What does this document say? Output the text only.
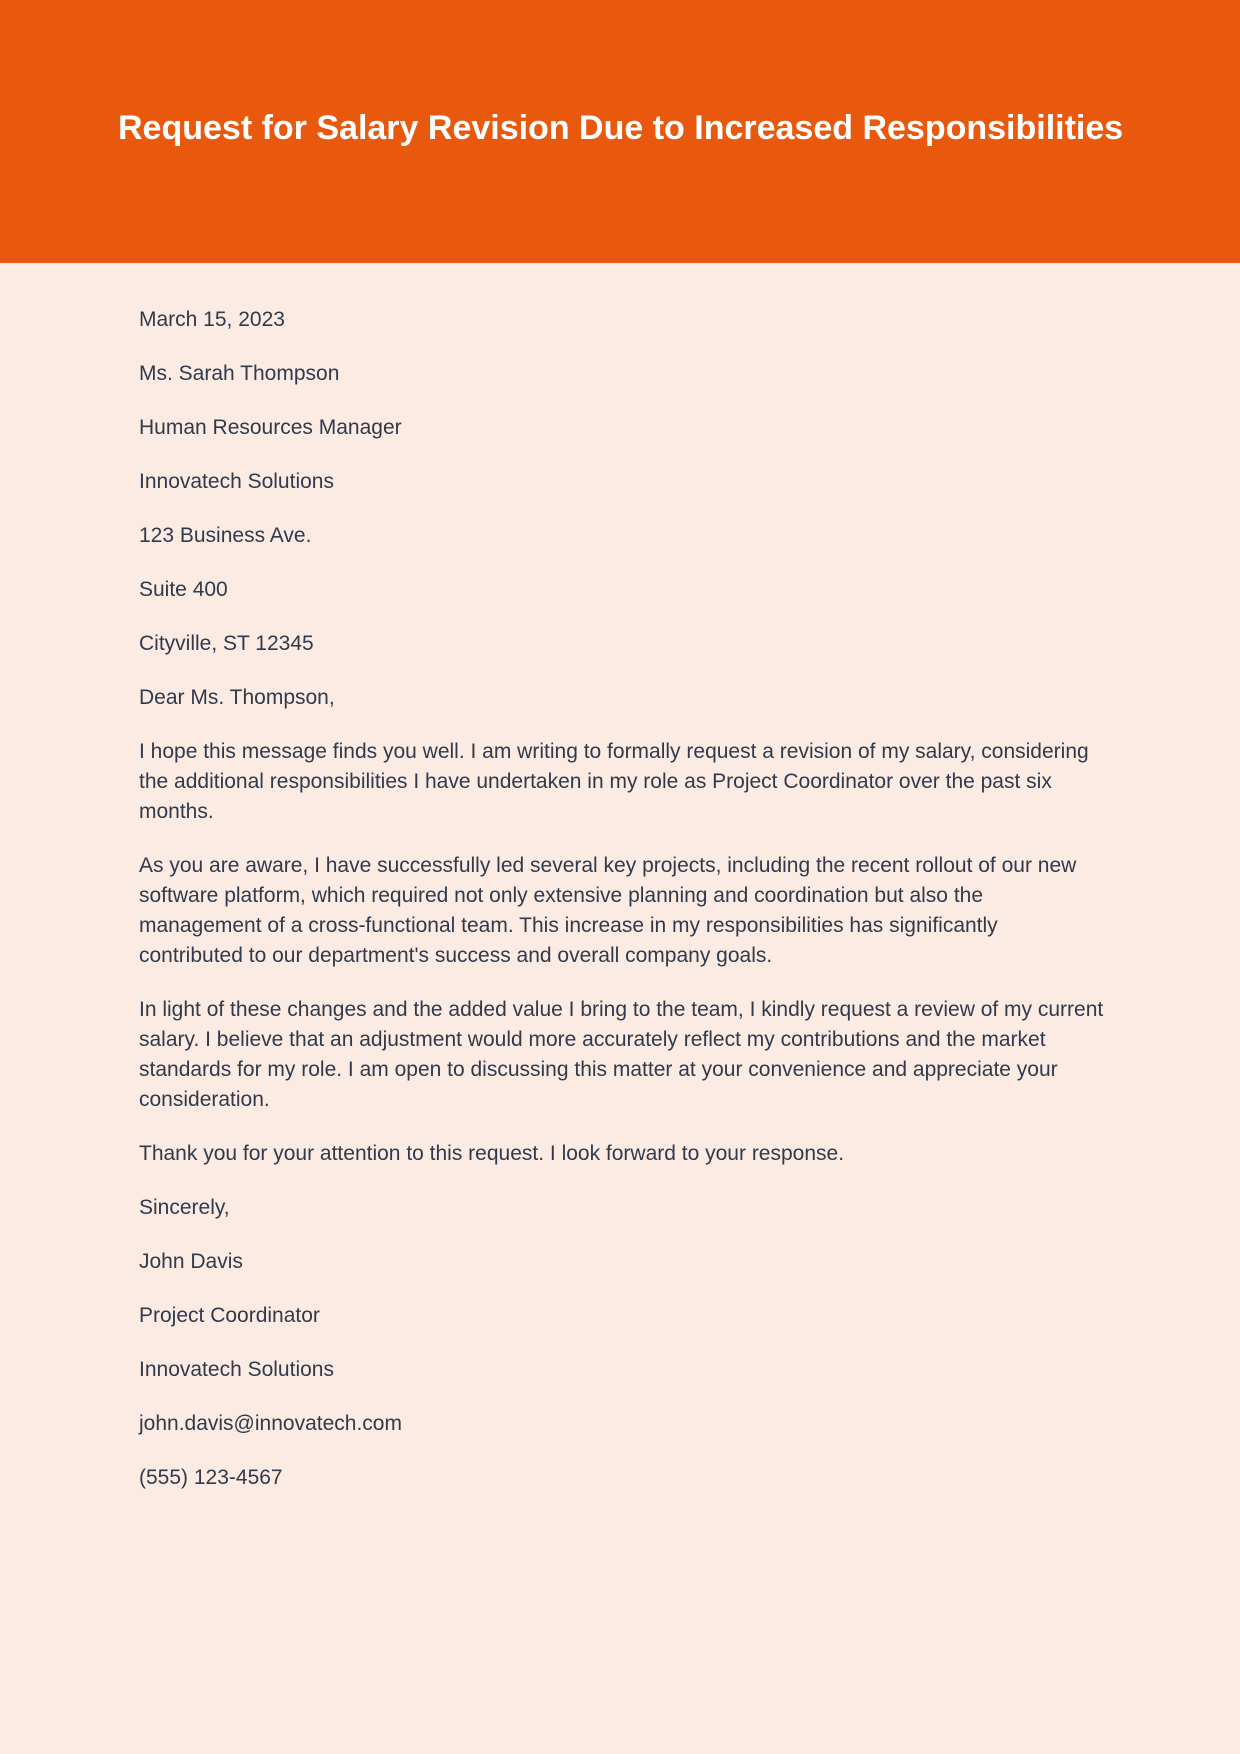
Request for Salary Revision Due to Increased Responsibilities

March 15, 2023

Ms. Sarah Thompson

Human Resources Manager

Innovatech Solutions

123 Business Ave.

Suite 400

Cityville, ST 12345

Dear Ms. Thompson,

I hope this message finds you well. I am writing to formally request a revision of my salary, considering the additional responsibilities I have undertaken in my role as Project Coordinator over the past six months.

As you are aware, I have successfully led several key projects, including the recent rollout of our new software platform, which required not only extensive planning and coordination but also the management of a cross-functional team. This increase in my responsibilities has significantly contributed to our department's success and overall company goals.

In light of these changes and the added value I bring to the team, I kindly request a review of my current salary. I believe that an adjustment would more accurately reflect my contributions and the market standards for my role. I am open to discussing this matter at your convenience and appreciate your consideration.

Thank you for your attention to this request. I look forward to your response.

Sincerely,

John Davis

Project Coordinator

Innovatech Solutions

john.davis@innovatech.com

(555) 123-4567
